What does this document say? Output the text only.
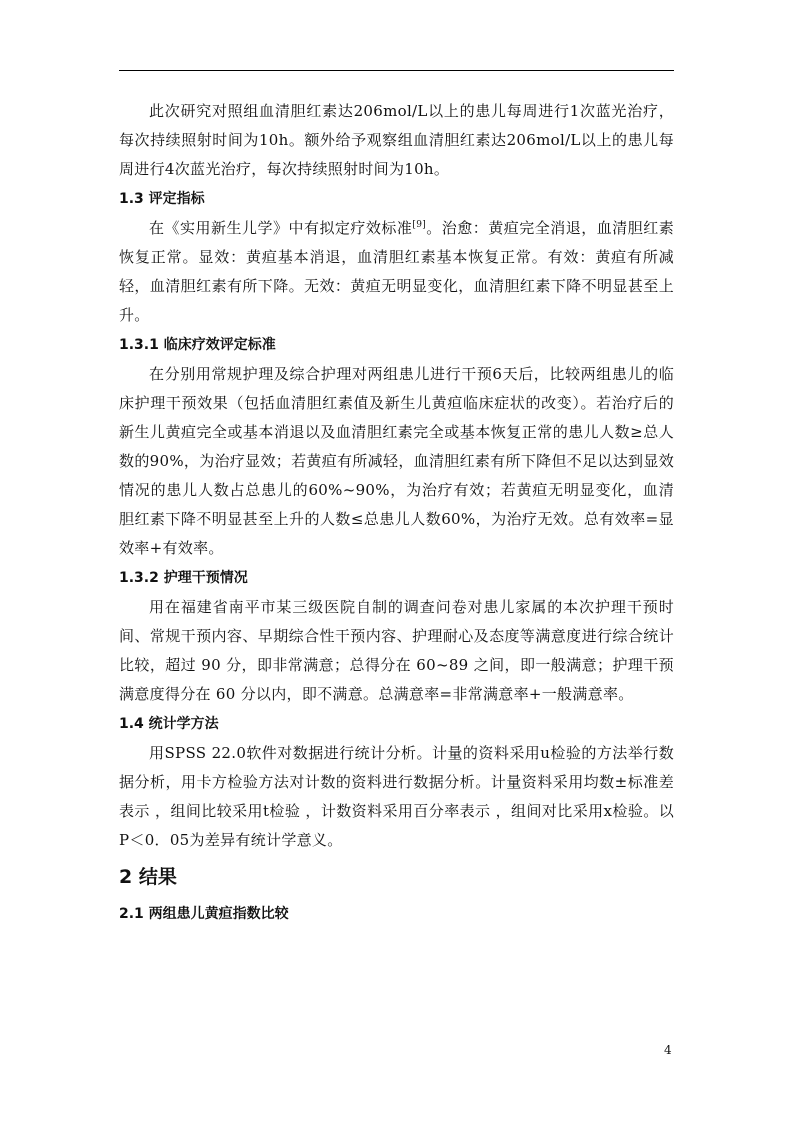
此次研究对照组血清胆红素达206mol/L以上的患儿每周进行1次蓝光治疗，每次持续照射时间为10h。额外给予观察组血清胆红素达206mol/L以上的患儿每周进行4次蓝光治疗，每次持续照射时间为10h。

1.3 评定指标

在《实用新生儿学》中有拟定疗效标准[9]。治愈：黄疸完全消退，血清胆红素恢复正常。显效：黄疸基本消退，血清胆红素基本恢复正常。有效：黄疸有所减轻，血清胆红素有所下降。无效：黄疸无明显变化，血清胆红素下降不明显甚至上升。

1.3.1 临床疗效评定标准

在分别用常规护理及综合护理对两组患儿进行干预6天后，比较两组患儿的临床护理干预效果（包括血清胆红素值及新生儿黄疸临床症状的改变）。若治疗后的新生儿黄疸完全或基本消退以及血清胆红素完全或基本恢复正常的患儿人数≥总人数的90%，为治疗显效；若黄疸有所减轻，血清胆红素有所下降但不足以达到显效情况的患儿人数占总患儿的60%~90%，为治疗有效；若黄疸无明显变化，血清胆红素下降不明显甚至上升的人数≤总患儿人数60%，为治疗无效。总有效率=显效率+有效率。

1.3.2 护理干预情况

用在福建省南平市某三级医院自制的调查问卷对患儿家属的本次护理干预时间、常规干预内容、早期综合性干预内容、护理耐心及态度等满意度进行综合统计比较，超过 90 分，即非常满意；总得分在 60~89 之间，即一般满意；护理干预满意度得分在 60 分以内，即不满意。总满意率=非常满意率+一般满意率。

1.4 统计学方法

用SPSS 22.0软件对数据进行统计分析。计量的资料采用u检验的方法举行数据分析，用卡方检验方法对计数的资料进行数据分析。计量资料采用均数±标准差表示 ，组间比较采用t检验 ，计数资料采用百分率表示 ，组间对比采用x检验。以 P＜0．05为差异有统计学意义。

2 结果

2.1 两组患儿黄疸指数比较

4
